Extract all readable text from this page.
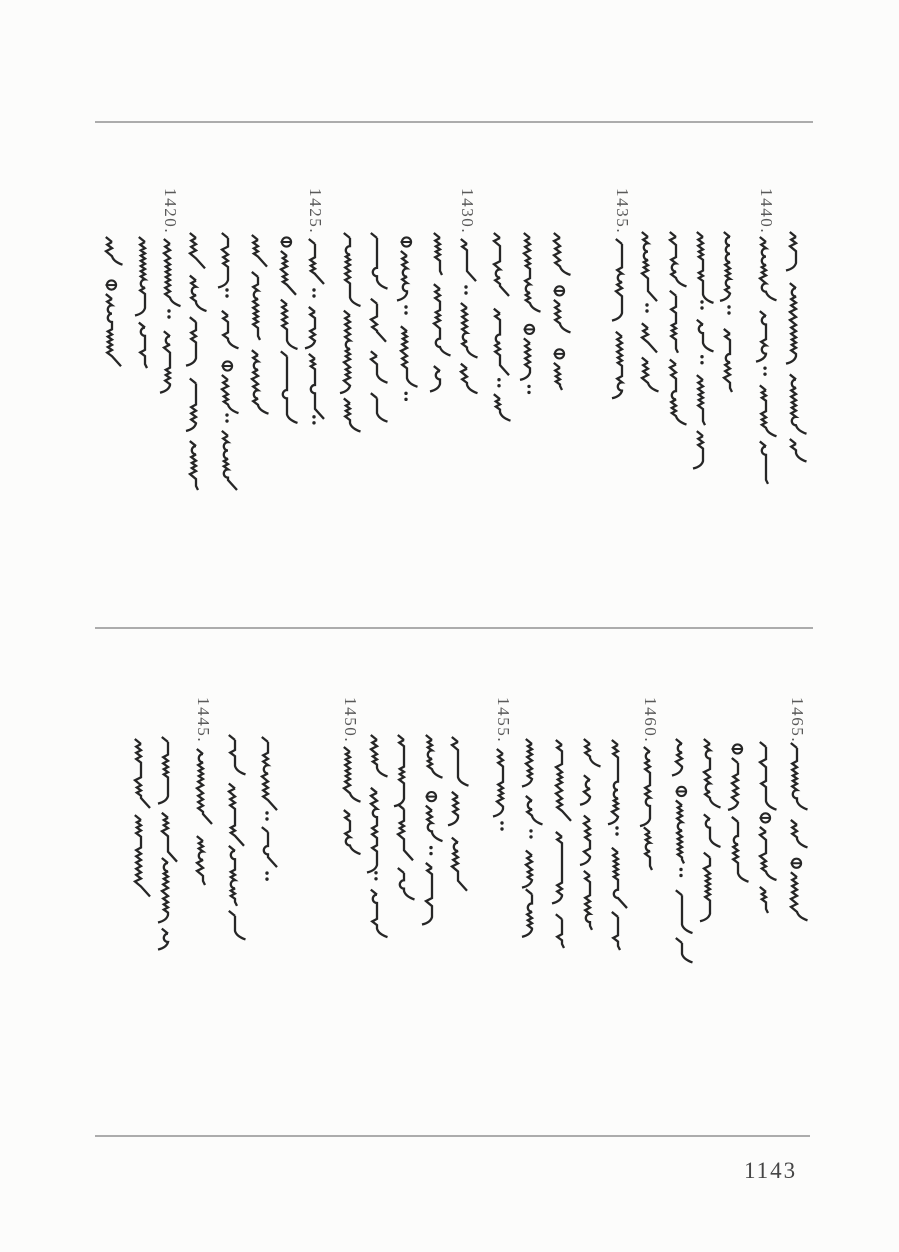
1420.	1425.	1430.	1435.	1440.
1445.	1450.	1455.	1460.	1465.
1143
